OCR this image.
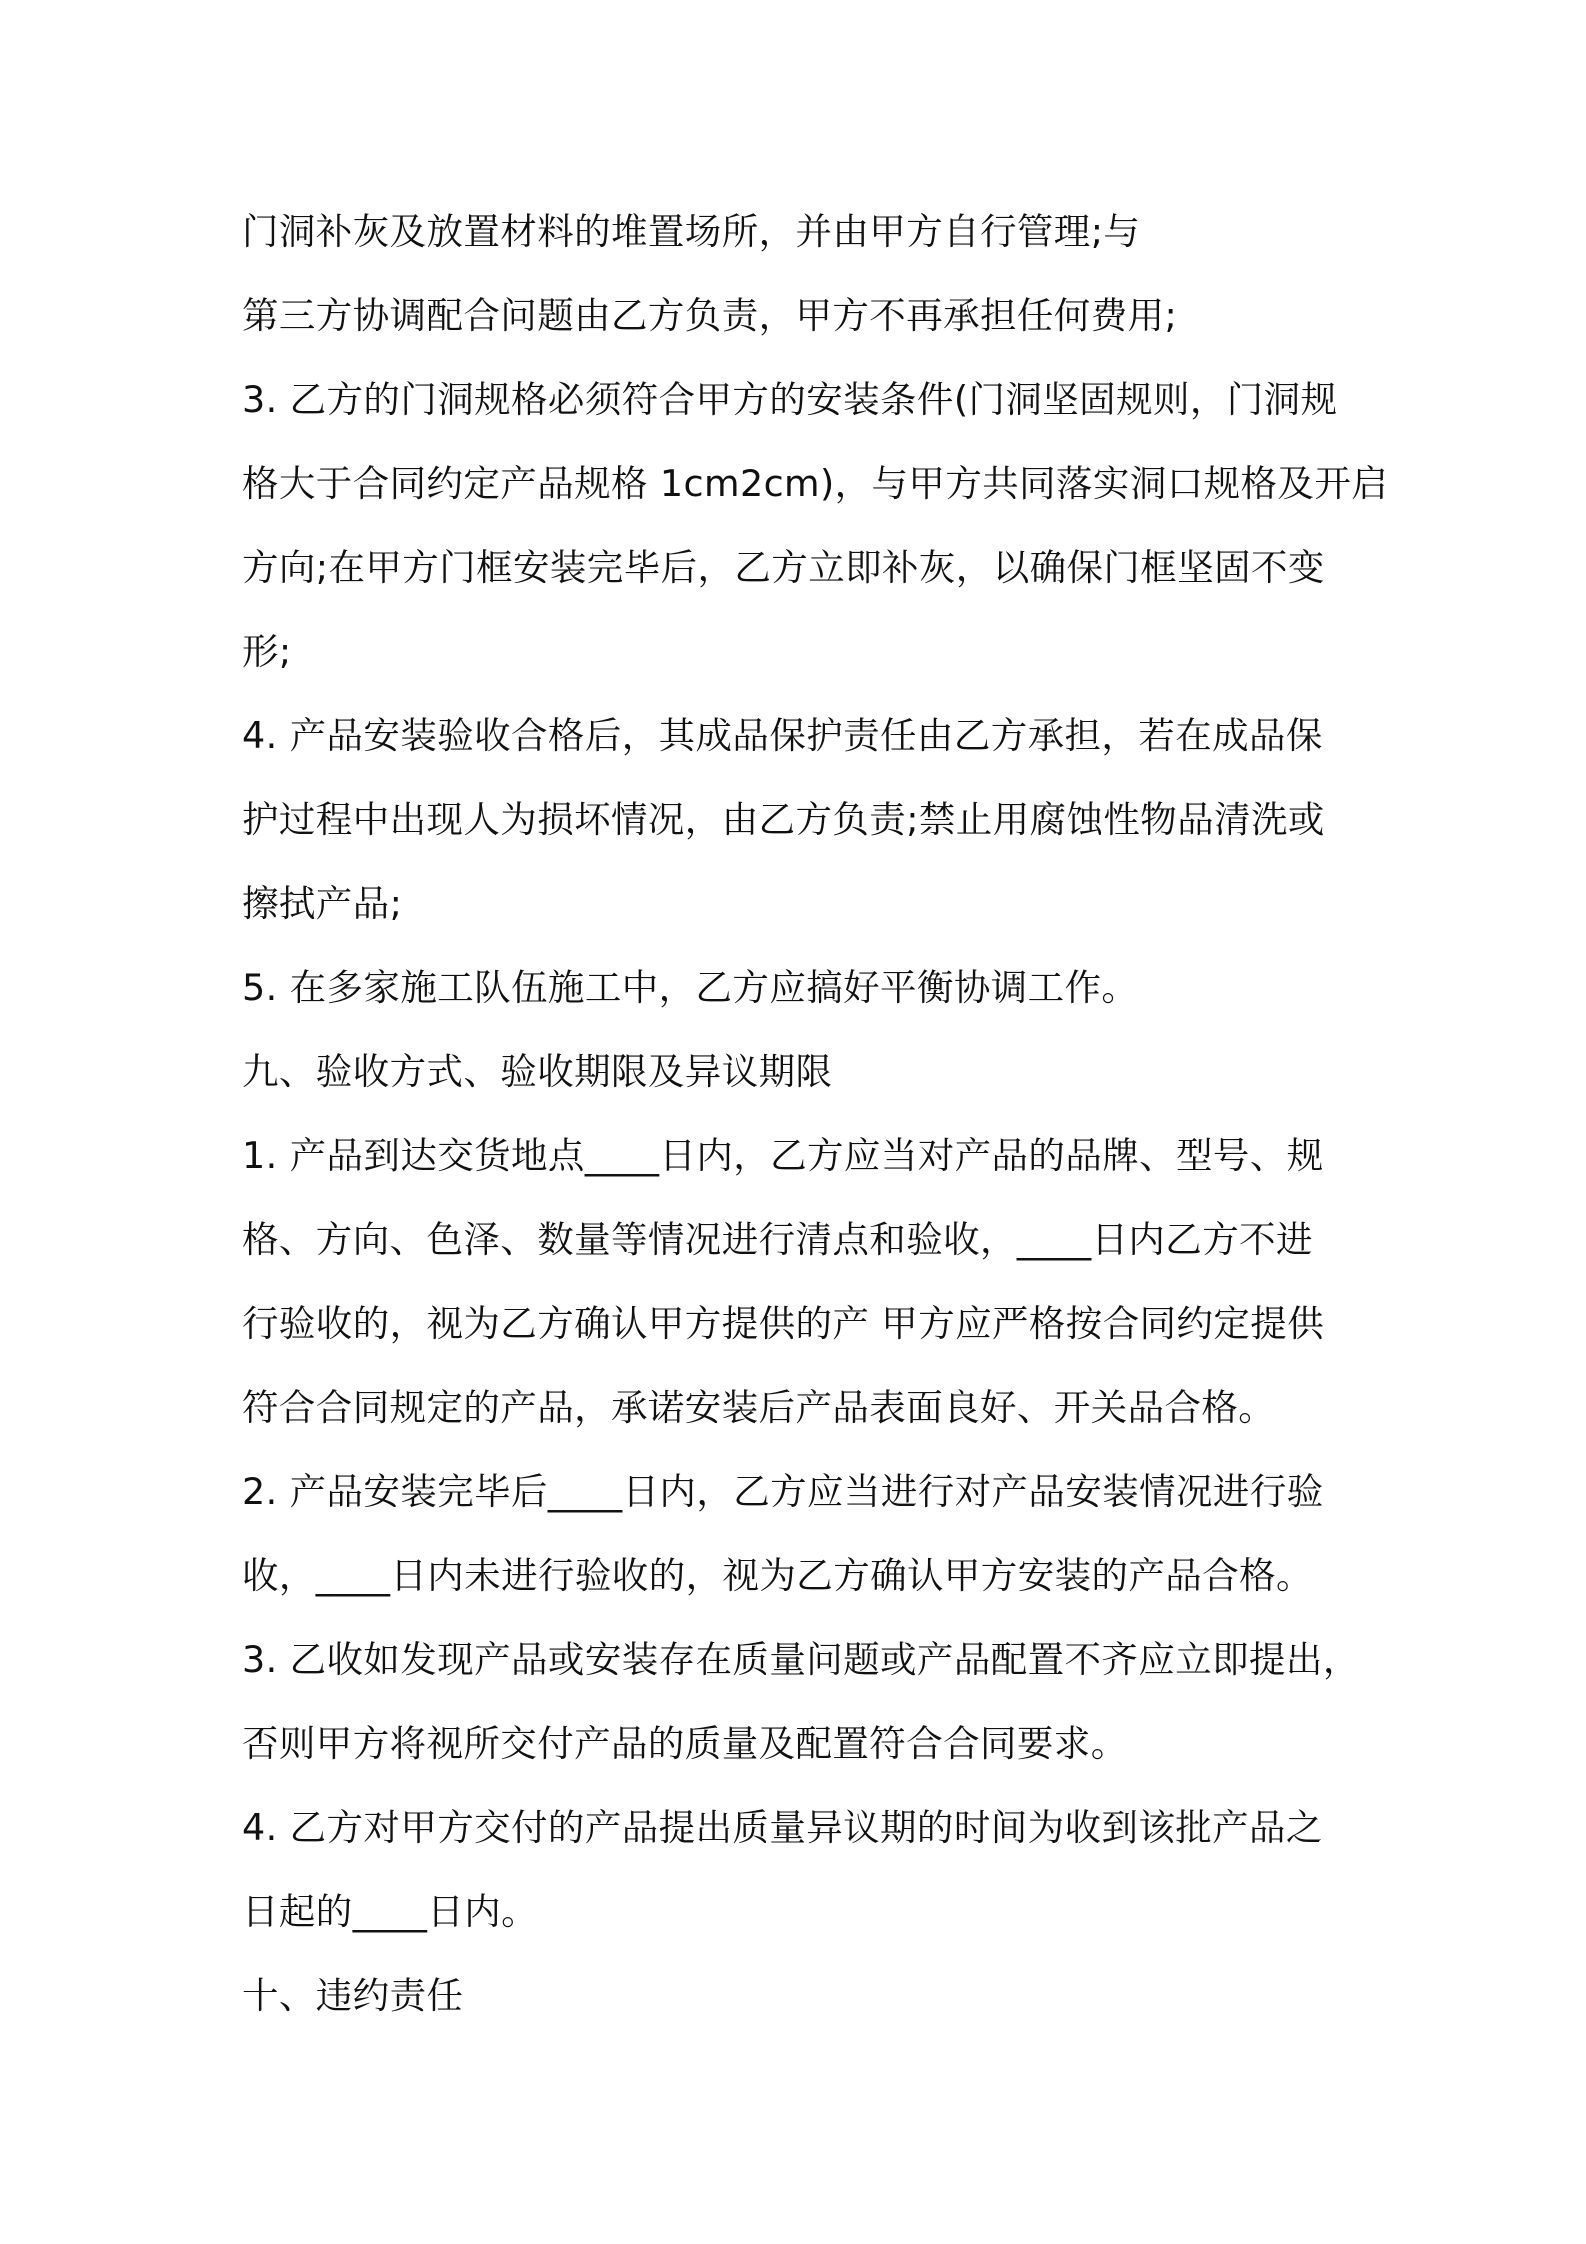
门洞补灰及放置材料的堆置场所，并由甲方自行管理;与
第三方协调配合问题由乙方负责，甲方不再承担任何费用;
3. 乙方的门洞规格必须符合甲方的安装条件(门洞坚固规则，门洞规
格大于合同约定产品规格 1cm2cm)，与甲方共同落实洞口规格及开启
方向;在甲方门框安装完毕后，乙方立即补灰，以确保门框坚固不变
形;
4. 产品安装验收合格后，其成品保护责任由乙方承担，若在成品保
护过程中出现人为损坏情况，由乙方负责;禁止用腐蚀性物品清洗或
擦拭产品;
5. 在多家施工队伍施工中，乙方应搞好平衡协调工作。
九、验收方式、验收期限及异议期限
1. 产品到达交货地点____日内，乙方应当对产品的品牌、型号、规
格、方向、色泽、数量等情况进行清点和验收，____日内乙方不进
行验收的，视为乙方确认甲方提供的产 甲方应严格按合同约定提供
符合合同规定的产品，承诺安装后产品表面良好、开关品合格。
2. 产品安装完毕后____日内，乙方应当进行对产品安装情况进行验
收，____日内未进行验收的，视为乙方确认甲方安装的产品合格。
3. 乙收如发现产品或安装存在质量问题或产品配置不齐应立即提出，
否则甲方将视所交付产品的质量及配置符合合同要求。
4. 乙方对甲方交付的产品提出质量异议期的时间为收到该批产品之
日起的____日内。
十、违约责任
